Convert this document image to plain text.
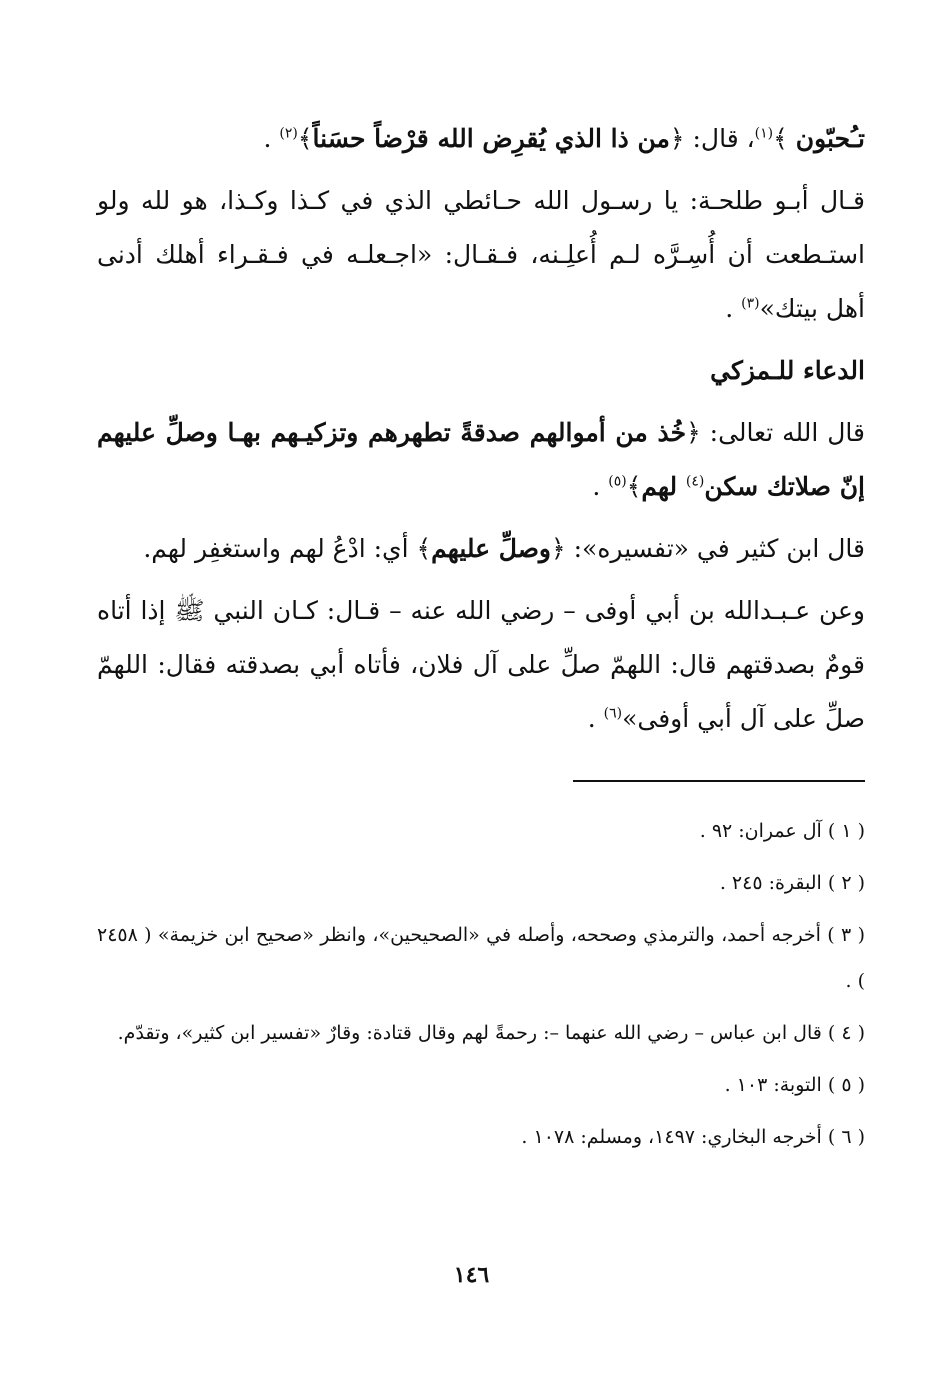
تـُحبّون ﴾$^{(١)}$، قال: ﴿من ذا الذي يُقرِض الله قرْضاً حسَناً﴾$^{(٢)}$ .

قـال أبـو طلحـة: يا رسـول الله حـائطي الذي في كـذا وكـذا، هو لله ولو استـطعت أن أُسِـرَّه لـم أُعلِـنه، فـقـال: «اجـعلـه في فـقـراء أهلك أدنى أهل بيتك»$^{(٣)}$ .

الدعاء للـمزكي

قال الله تعالى: ﴿خُذ من أموالهم صدقةً تطهرهم وتزكيـهم بهـا وصلِّ عليهم إنّ صلاتك سكن$^{(٤)}$ لهم﴾$^{(٥)}$ .

قال ابن كثير في «تفسيره»: ﴿وصلِّ عليهم﴾ أي: ادْعُ لهم واستغفِر لهم.

وعن عـبـدالله بن أبي أوفى – رضي الله عنه – قـال: كـان النبي ﷺ إذا أتاه قومٌ بصدقتهم قال: اللهمّ صلِّ على آل فلان، فأتاه أبي بصدقته فقال: اللهمّ صلِّ على آل أبي أوفى»$^{(٦)}$ .

( ١ ) آل عمران: ٩٢ .

( ٢ ) البقرة: ٢٤٥ .

( ٣ ) أخرجه أحمد، والترمذي وصححه، وأصله في «الصحيحين»، وانظر «صحيح ابن خزيمة» ( ٢٤٥٨ ) .

( ٤ ) قال ابن عباس – رضي الله عنهما –: رحمةً لهم وقال قتادة: وقارٌ «تفسير ابن كثير»، وتقدّم.

( ٥ ) التوبة: ١٠٣ .

( ٦ ) أخرجه البخاري: ١٤٩٧، ومسلم: ١٠٧٨ .

١٤٦
